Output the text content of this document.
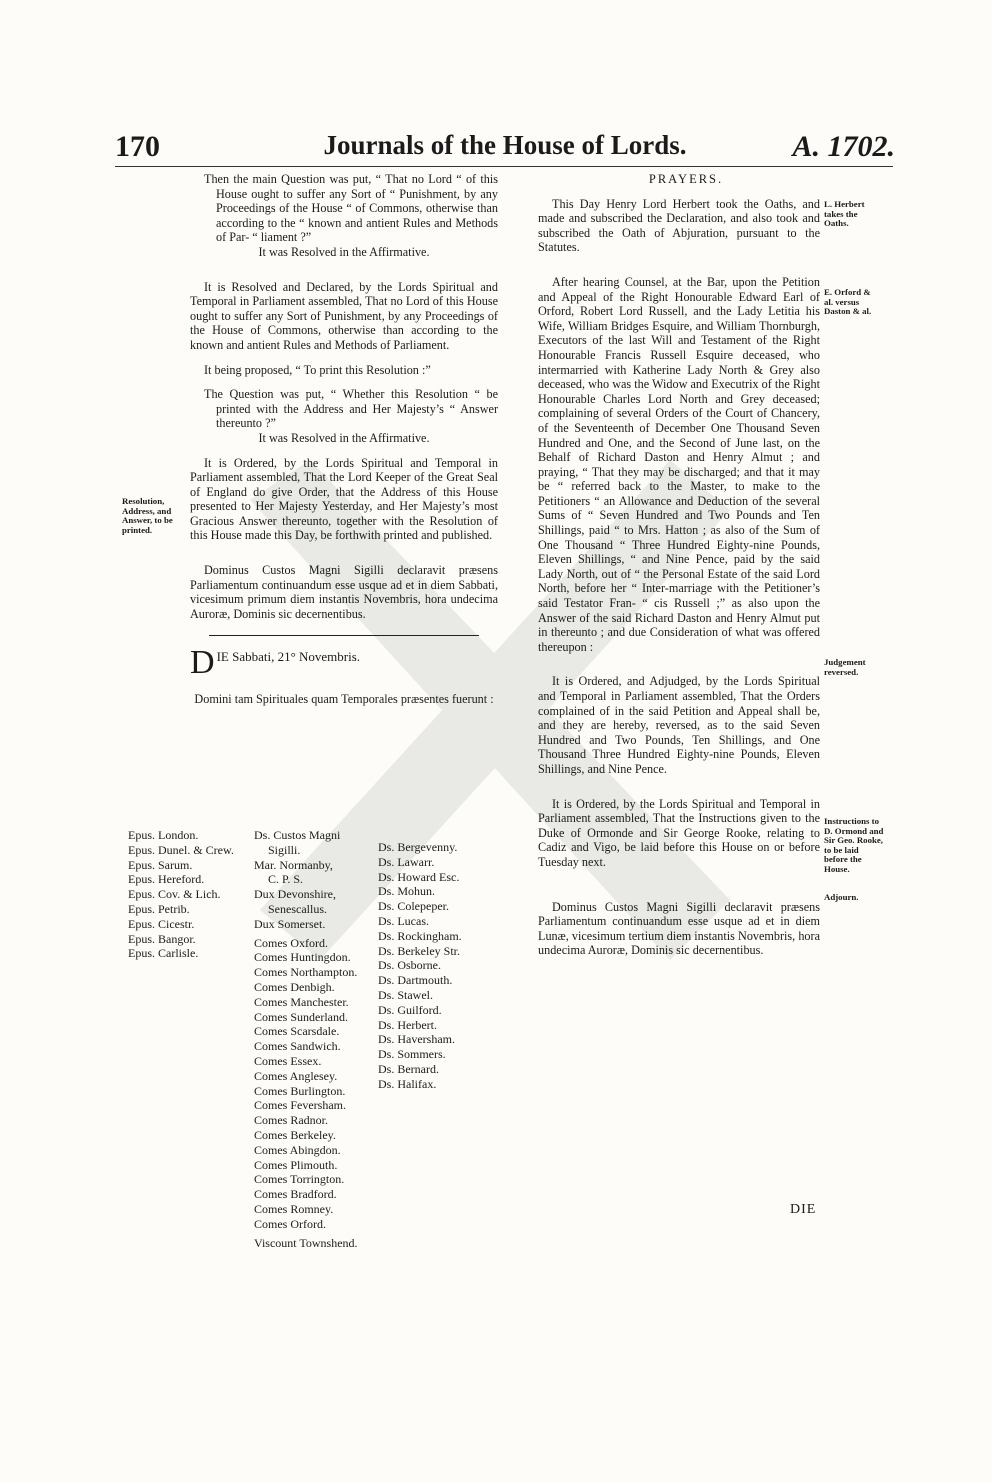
170	Journals of the House of Lords.	A. 1702.

Then the main Question was put, “ That no Lord “ of this House ought to suffer any Sort of “ Punishment, by any Proceedings of the House “ of Commons, otherwise than according to the “ known and antient Rules and Methods of Par- “ liament ?”

It was Resolved in the Affirmative.

It is Resolved and Declared, by the Lords Spiritual and Temporal in Parliament assembled, That no Lord of this House ought to suffer any Sort of Punishment, by any Proceedings of the House of Commons, otherwise than according to the known and antient Rules and Methods of Parliament.

It being proposed, “ To print this Resolution :”

The Question was put, “ Whether this Resolution “ be printed with the Address and Her Majesty’s “ Answer thereunto ?”

It was Resolved in the Affirmative.

It is Ordered, by the Lords Spiritual and Temporal in Parliament assembled, That the Lord Keeper of the Great Seal of England do give Order, that the Address of this House presented to Her Majesty Yesterday, and Her Majesty’s most Gracious Answer thereunto, together with the Resolution of this House made this Day, be forthwith printed and published.

Dominus Custos Magni Sigilli declaravit præsens Parliamentum continuandum esse usque ad et in diem Sabbati, vicesimum primum diem instantis Novembris, hora undecima Auroræ, Dominis sic decernentibus.

DIE Sabbati, 21° Novembris.

Domini tam Spirituales quam Temporales præsentes fuerunt :

Resolution, Address, and Answer, to be printed.
Epus. London.
Epus. Dunel. & Crew.
Epus. Sarum.
Epus. Hereford.
Epus. Cov. & Lich.
Epus. Petrib.
Epus. Cicestr.
Epus. Bangor.
Epus. Carlisle.
Ds. Custos Magni
Sigilli.
Mar. Normanby,
C. P. S.
Dux Devonshire,
Senescallus.
Dux Somerset.
Comes Oxford.
Comes Huntingdon.
Comes Northampton.
Comes Denbigh.
Comes Manchester.
Comes Sunderland.
Comes Scarsdale.
Comes Sandwich.
Comes Essex.
Comes Anglesey.
Comes Burlington.
Comes Feversham.
Comes Radnor.
Comes Berkeley.
Comes Abingdon.
Comes Plimouth.
Comes Torrington.
Comes Bradford.
Comes Romney.
Comes Orford.
Viscount Townshend.
Ds. Bergevenny.
Ds. Lawarr.
Ds. Howard Esc.
Ds. Mohun.
Ds. Colepeper.
Ds. Lucas.
Ds. Rockingham.
Ds. Berkeley Str.
Ds. Osborne.
Ds. Dartmouth.
Ds. Stawel.
Ds. Guilford.
Ds. Herbert.
Ds. Haversham.
Ds. Sommers.
Ds. Bernard.
Ds. Halifax.

PRAYERS.

This Day Henry Lord Herbert took the Oaths, and made and subscribed the Declaration, and also took and subscribed the Oath of Abjuration, pursuant to the Statutes.

After hearing Counsel, at the Bar, upon the Petition and Appeal of the Right Honourable Edward Earl of Orford, Robert Lord Russell, and the Lady Letitia his Wife, William Bridges Esquire, and William Thornburgh, Executors of the last Will and Testament of the Right Honourable Francis Russell Esquire deceased, who intermarried with Katherine Lady North & Grey also deceased, who was the Widow and Executrix of the Right Honourable Charles Lord North and Grey deceased; complaining of several Orders of the Court of Chancery, of the Seventeenth of December One Thousand Seven Hundred and One, and the Second of June last, on the Behalf of Richard Daston and Henry Almut ; and praying, “ That they may be discharged; and that it may be “ referred back to the Master, to make to the Petitioners “ an Allowance and Deduction of the several Sums of “ Seven Hundred and Two Pounds and Ten Shillings, paid “ to Mrs. Hatton ; as also of the Sum of One Thousand “ Three Hundred Eighty-nine Pounds, Eleven Shillings, “ and Nine Pence, paid by the said Lady North, out of “ the Personal Estate of the said Lord North, before her “ Inter-marriage with the Petitioner’s said Testator Fran- “ cis Russell ;” as also upon the Answer of the said Richard Daston and Henry Almut put in thereunto ; and due Consideration of what was offered thereupon :

It is Ordered, and Adjudged, by the Lords Spiritual and Temporal in Parliament assembled, That the Orders complained of in the said Petition and Appeal shall be, and they are hereby, reversed, as to the said Seven Hundred and Two Pounds, Ten Shillings, and One Thousand Three Hundred Eighty-nine Pounds, Eleven Shillings, and Nine Pence.

It is Ordered, by the Lords Spiritual and Temporal in Parliament assembled, That the Instructions given to the Duke of Ormonde and Sir George Rooke, relating to Cadiz and Vigo, be laid before this House on or before Tuesday next.

Dominus Custos Magni Sigilli declaravit præsens Parliamentum continuandum esse usque ad et in diem Lunæ, vicesimum tertium diem instantis Novembris, hora undecima Auroræ, Dominis sic decernentibus.

L. Herbert takes the Oaths.
E. Orford & al. versus Daston & al.
Judgement reversed.
Instructions to D. Ormond and Sir Geo. Rooke, to be laid before the House.
Adjourn.
DIE
